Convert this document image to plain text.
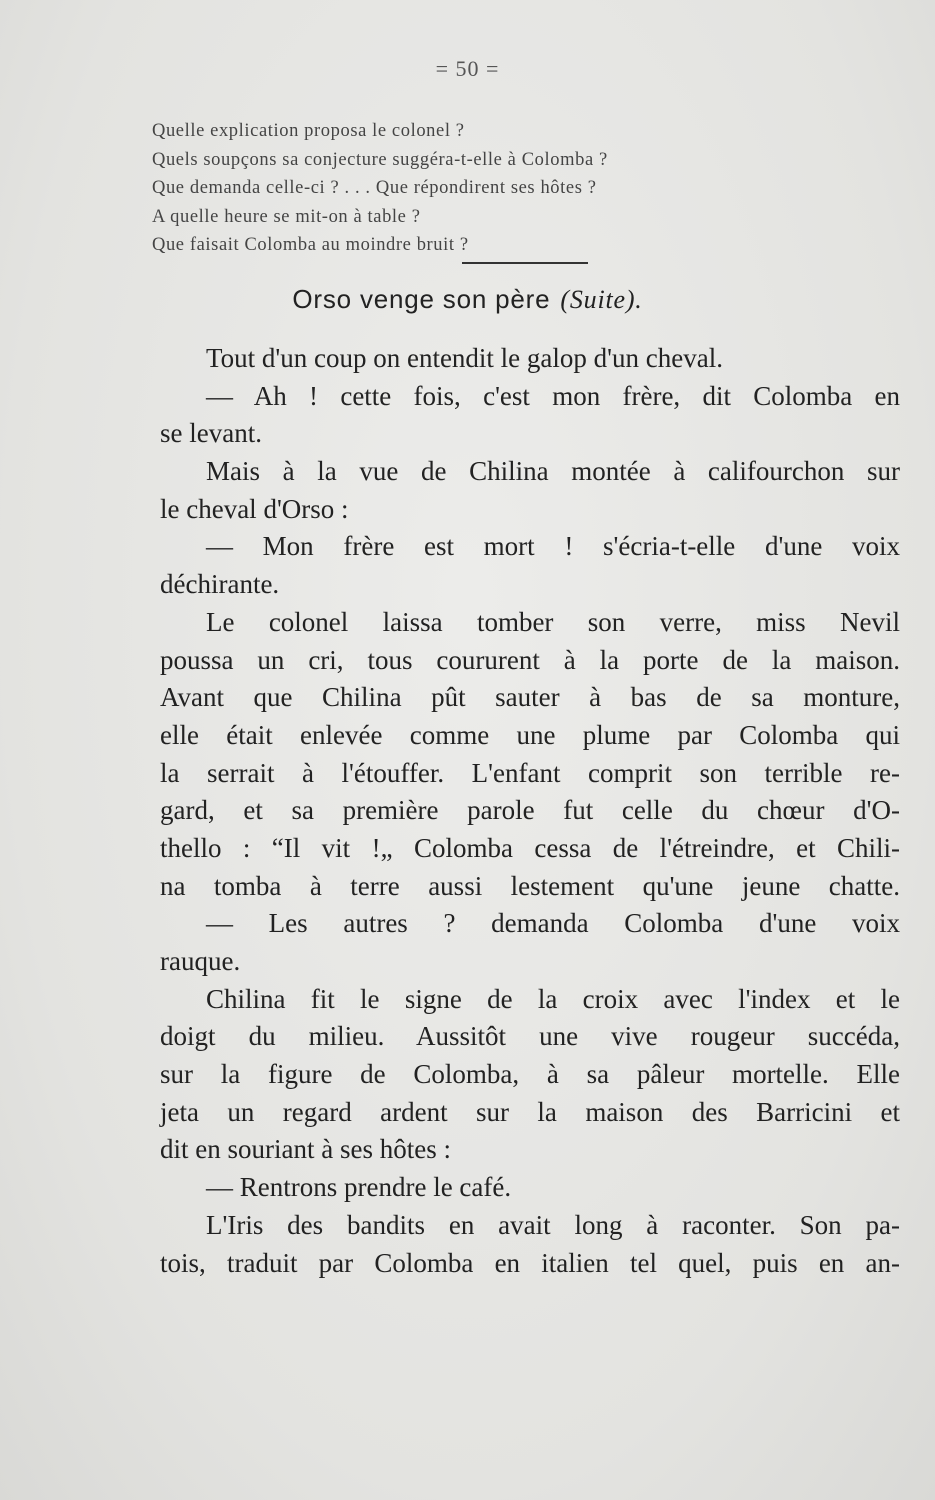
= 50 =
Quelle explication proposa le colonel ?
Quels soupçons sa conjecture suggéra-t-elle à Colomba ?
Que demanda celle-ci ? . . . Que répondirent ses hôtes ?
A quelle heure se mit-on à table ?
Que faisait Colomba au moindre bruit ?
Orso venge son père (Suite).
Tout d'un coup on entendit le galop d'un cheval.
— Ah ! cette fois, c'est mon frère, dit Colomba en
se levant.
Mais à la vue de Chilina montée à califourchon sur
le cheval d'Orso :
— Mon frère est mort ! s'écria-t-elle d'une voix
déchirante.
Le colonel laissa tomber son verre, miss Nevil
poussa un cri, tous coururent à la porte de la maison.
Avant que Chilina pût sauter à bas de sa monture,
elle était enlevée comme une plume par Colomba qui
la serrait à l'étouffer. L'enfant comprit son terrible re-
gard, et sa première parole fut celle du chœur d'O-
thello : “Il vit !„ Colomba cessa de l'étreindre, et Chili-
na tomba à terre aussi lestement qu'une jeune chatte.
— Les autres ? demanda Colomba d'une voix
rauque.
Chilina fit le signe de la croix avec l'index et le
doigt du milieu. Aussitôt une vive rougeur succéda,
sur la figure de Colomba, à sa pâleur mortelle. Elle
jeta un regard ardent sur la maison des Barricini et
dit en souriant à ses hôtes :
— Rentrons prendre le café.
L'Iris des bandits en avait long à raconter. Son pa-
tois, traduit par Colomba en italien tel quel, puis en an-
